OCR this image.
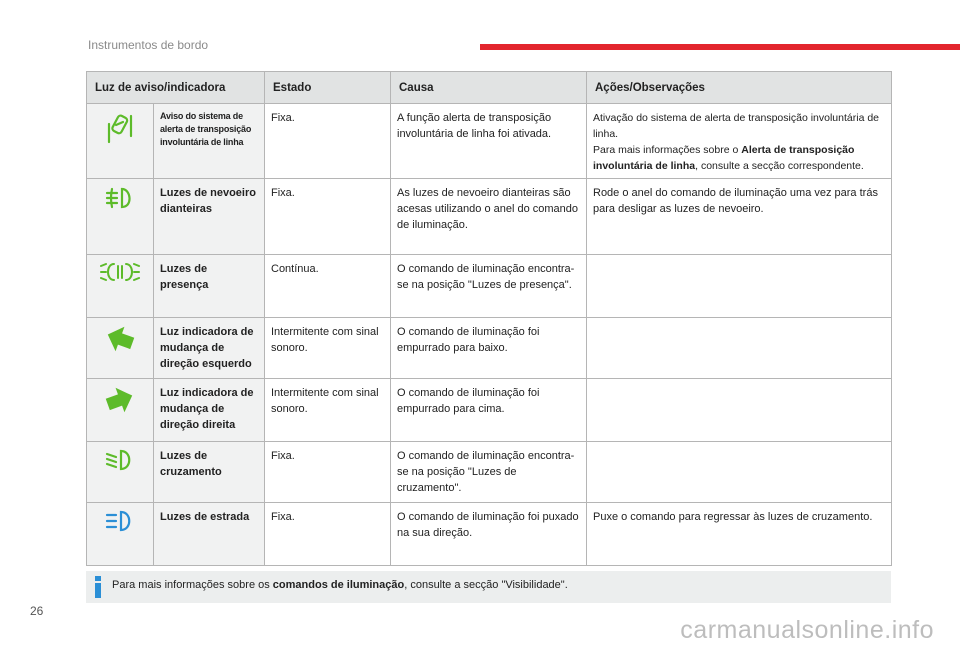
Instrumentos de bordo
Luz de aviso/indicadora		Estado	Causa	Ações/Observações

	Aviso do sistema de alerta de transposição involuntária de linha	Fixa.	A função alerta de transposição involuntária de linha foi ativada.	Ativação do sistema de alerta de transposição involuntária de linha.
Para mais informações sobre o Alerta de transposição involuntária de linha, consulte a secção correspondente.

	Luzes de nevoeiro dianteiras	Fixa.	As luzes de nevoeiro dianteiras são acesas utilizando o anel do comando de iluminação.	Rode o anel do comando de iluminação uma vez para trás para desligar as luzes de nevoeiro.

	Luzes de presença	Contínua.	O comando de iluminação encontra-se na posição "Luzes de presença".	

	Luz indicadora de mudança de direção esquerdo	Intermitente com sinal sonoro.	O comando de iluminação foi empurrado para baixo.	

	Luz indicadora de mudança de direção direita	Intermitente com sinal sonoro.	O comando de iluminação foi empurrado para cima.	

	Luzes de cruzamento	Fixa.	O comando de iluminação encontra-se na posição "Luzes de cruzamento".	

	Luzes de estrada	Fixa.	O comando de iluminação foi puxado na sua direção.	Puxe o comando para regressar às luzes de cruzamento.
Para mais informações sobre os comandos de iluminação, consulte a secção "Visibilidade".
26
carmanualsonline.info
